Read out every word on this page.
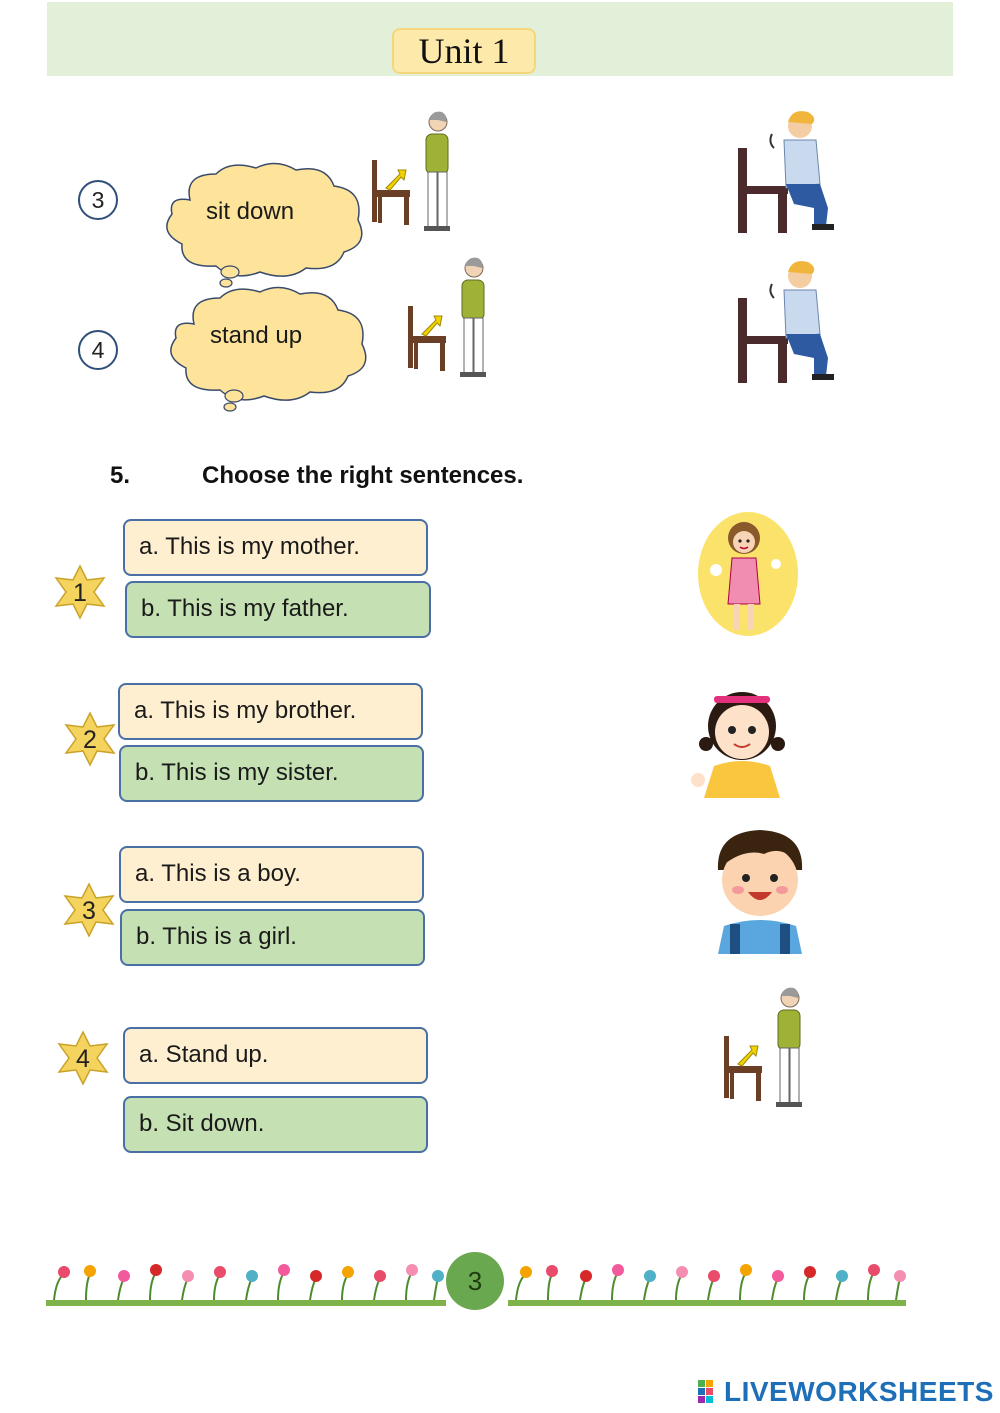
Unit 1
3	sit down
4
stand up
5.	Choose the right sentences.
1
a. This is my mother.
b. This is my father.
2
a. This is my brother.
b. This is my sister.
3
a. This is a boy.
b. This is a girl.
4	a. Stand up.
b. Sit down.
3
LIVEWORKSHEETS
